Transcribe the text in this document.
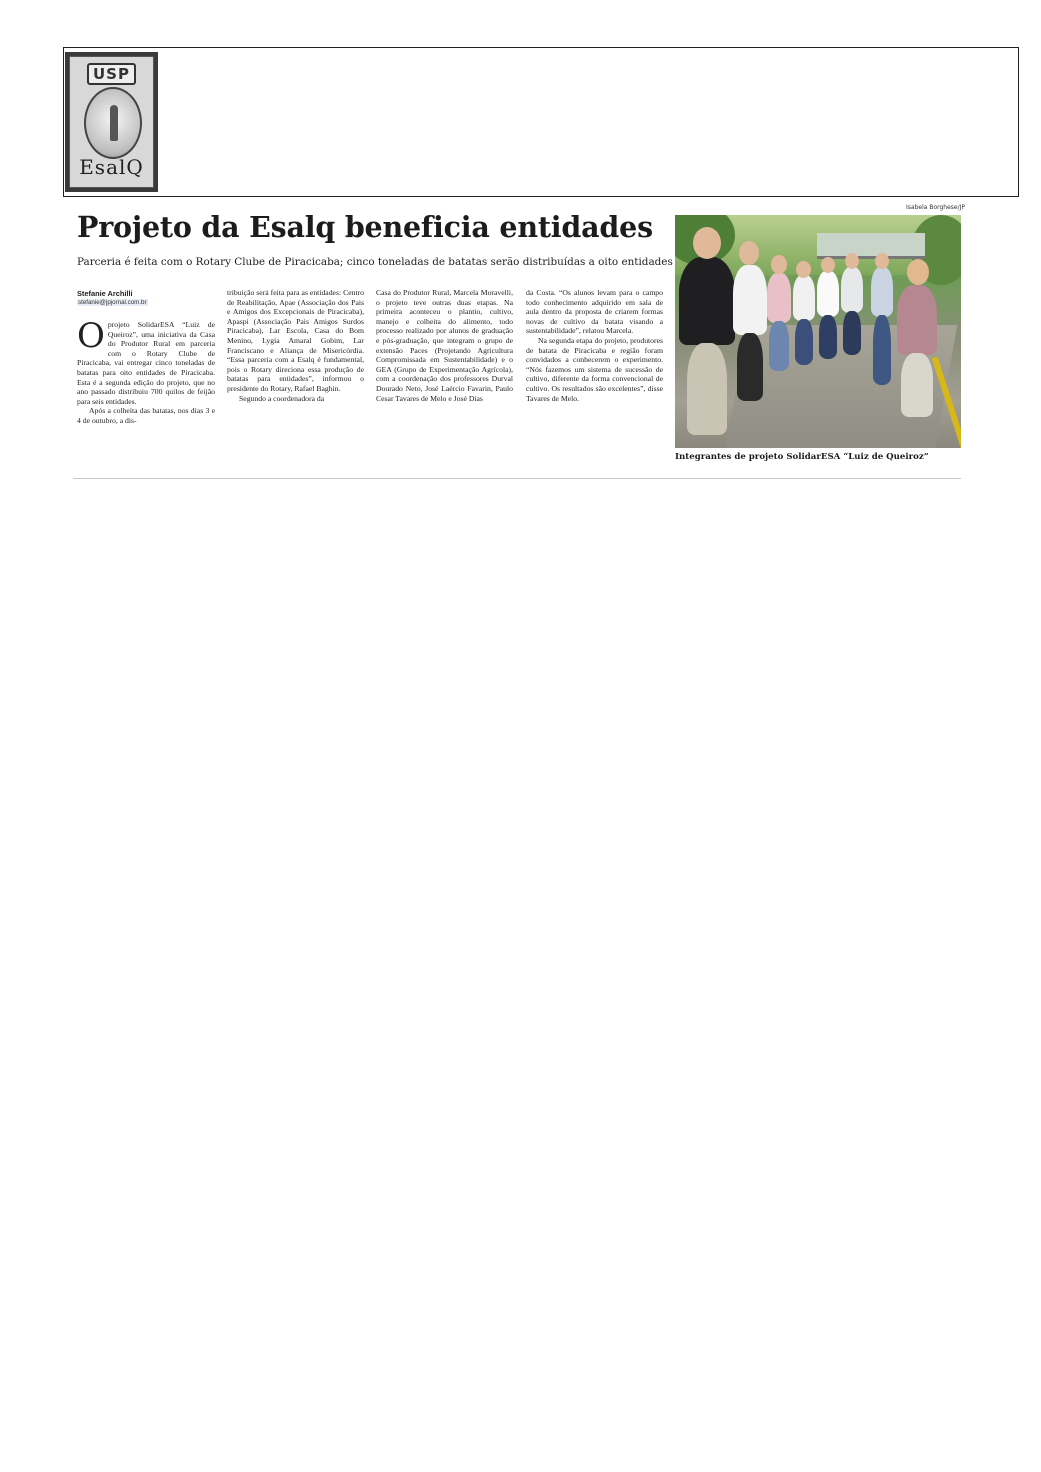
USP
EsalQ
Isabela Borghese/JP
Projeto da Esalq beneficia entidades
Parceria é feita com o Rotary Clube de Piracicaba; cinco toneladas de batatas serão distribuídas a oito entidades
Stefanie Archilli
stefanie@jpjornal.com.br
O projeto SolidarESA “Luiz de Queiroz”, uma iniciativa da Casa do Produtor Rural em parceria com o Rotary Clube de Piracicaba, vai entregar cinco toneladas de batatas para oito entidades de Piracicaba. Esta é a segunda edição do projeto, que no ano passado distribuiu 700 quilos de feijão para seis entidades.

Após a colheita das batatas, nos dias 3 e 4 de outubro, a dis-

tribuição será feita para as entidades: Centro de Reabilitação, Apae (Associação dos Pais e Amigos dos Excepcionais de Piracicaba), Apaspi (Associação Pais Amigos Surdos Piracicaba), Lar Escola, Casa do Bom Menino, Lygia Amaral Gobim, Lar Franciscano e Aliança de Misericórdia. “Essa parceria com a Esalq é fundamental, pois o Rotary direciona essa produção de batatas para entidades”, informou o presidente do Rotary, Rafael Baghin.

Segundo a coordenadora da

Casa do Produtor Rural, Marcela Moravelli, o projeto teve outras duas etapas. Na primeira aconteceu o plantio, cultivo, manejo e colheita do alimento, todo processo realizado por alunos de graduação e pós-graduação, que integram o grupo de extensão Paces (Projetando Agricultura Compromissada em Sustentabilidade) e o GEA (Grupo de Experimentação Agrícola), com a coordenação dos professores Durval Dourado Neto, José Laércio Favarin, Paulo Cesar Tavares de Melo e José Dias

da Costa. “Os alunos levam para o campo todo conhecimento adquirido em sala de aula dentro da proposta de criarem formas novas de cultivo da batata visando a sustentabilidade”, relatou Marcela.

Na segunda etapa do projeto, produtores de batata de Piracicaba e região foram convidados a conhecerem o experimento. “Nós fazemos um sistema de sucessão de cultivo, diferente da forma convencional de cultivo. Os resultados são excelentes”, disse Tavares de Melo.

Integrantes de projeto SolidarESA “Luiz de Queiroz”
